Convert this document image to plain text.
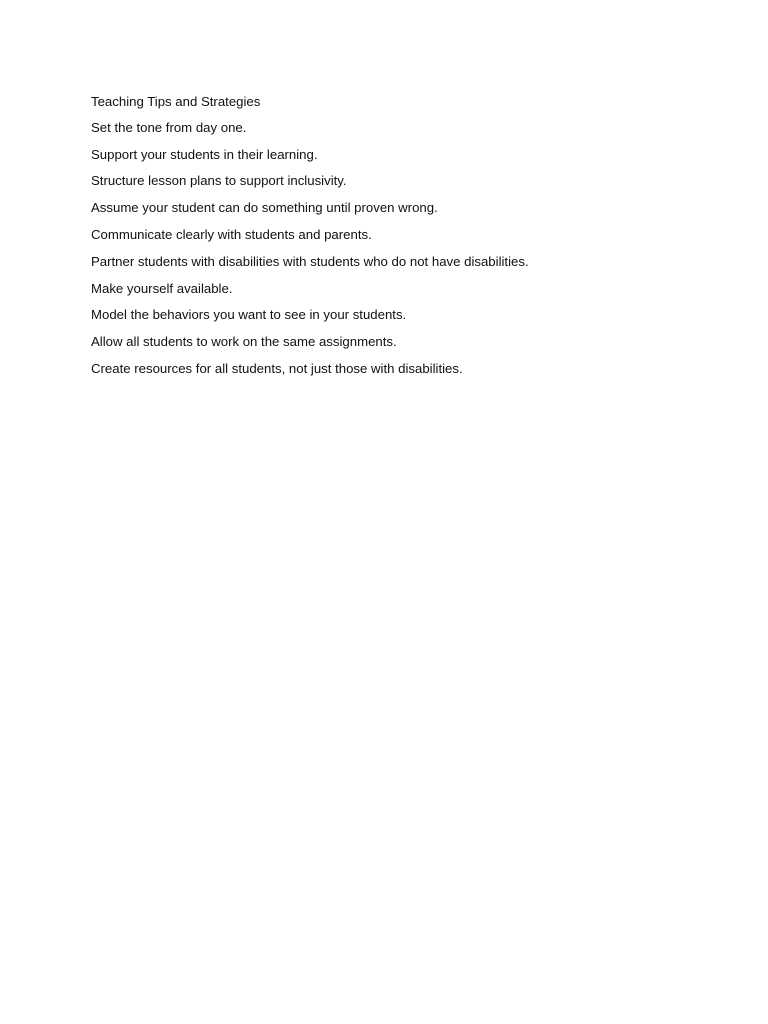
Teaching Tips and Strategies

Set the tone from day one.

Support your students in their learning.

Structure lesson plans to support inclusivity.

Assume your student can do something until proven wrong.

Communicate clearly with students and parents.

Partner students with disabilities with students who do not have disabilities.

Make yourself available.

Model the behaviors you want to see in your students.

Allow all students to work on the same assignments.

Create resources for all students, not just those with disabilities.
